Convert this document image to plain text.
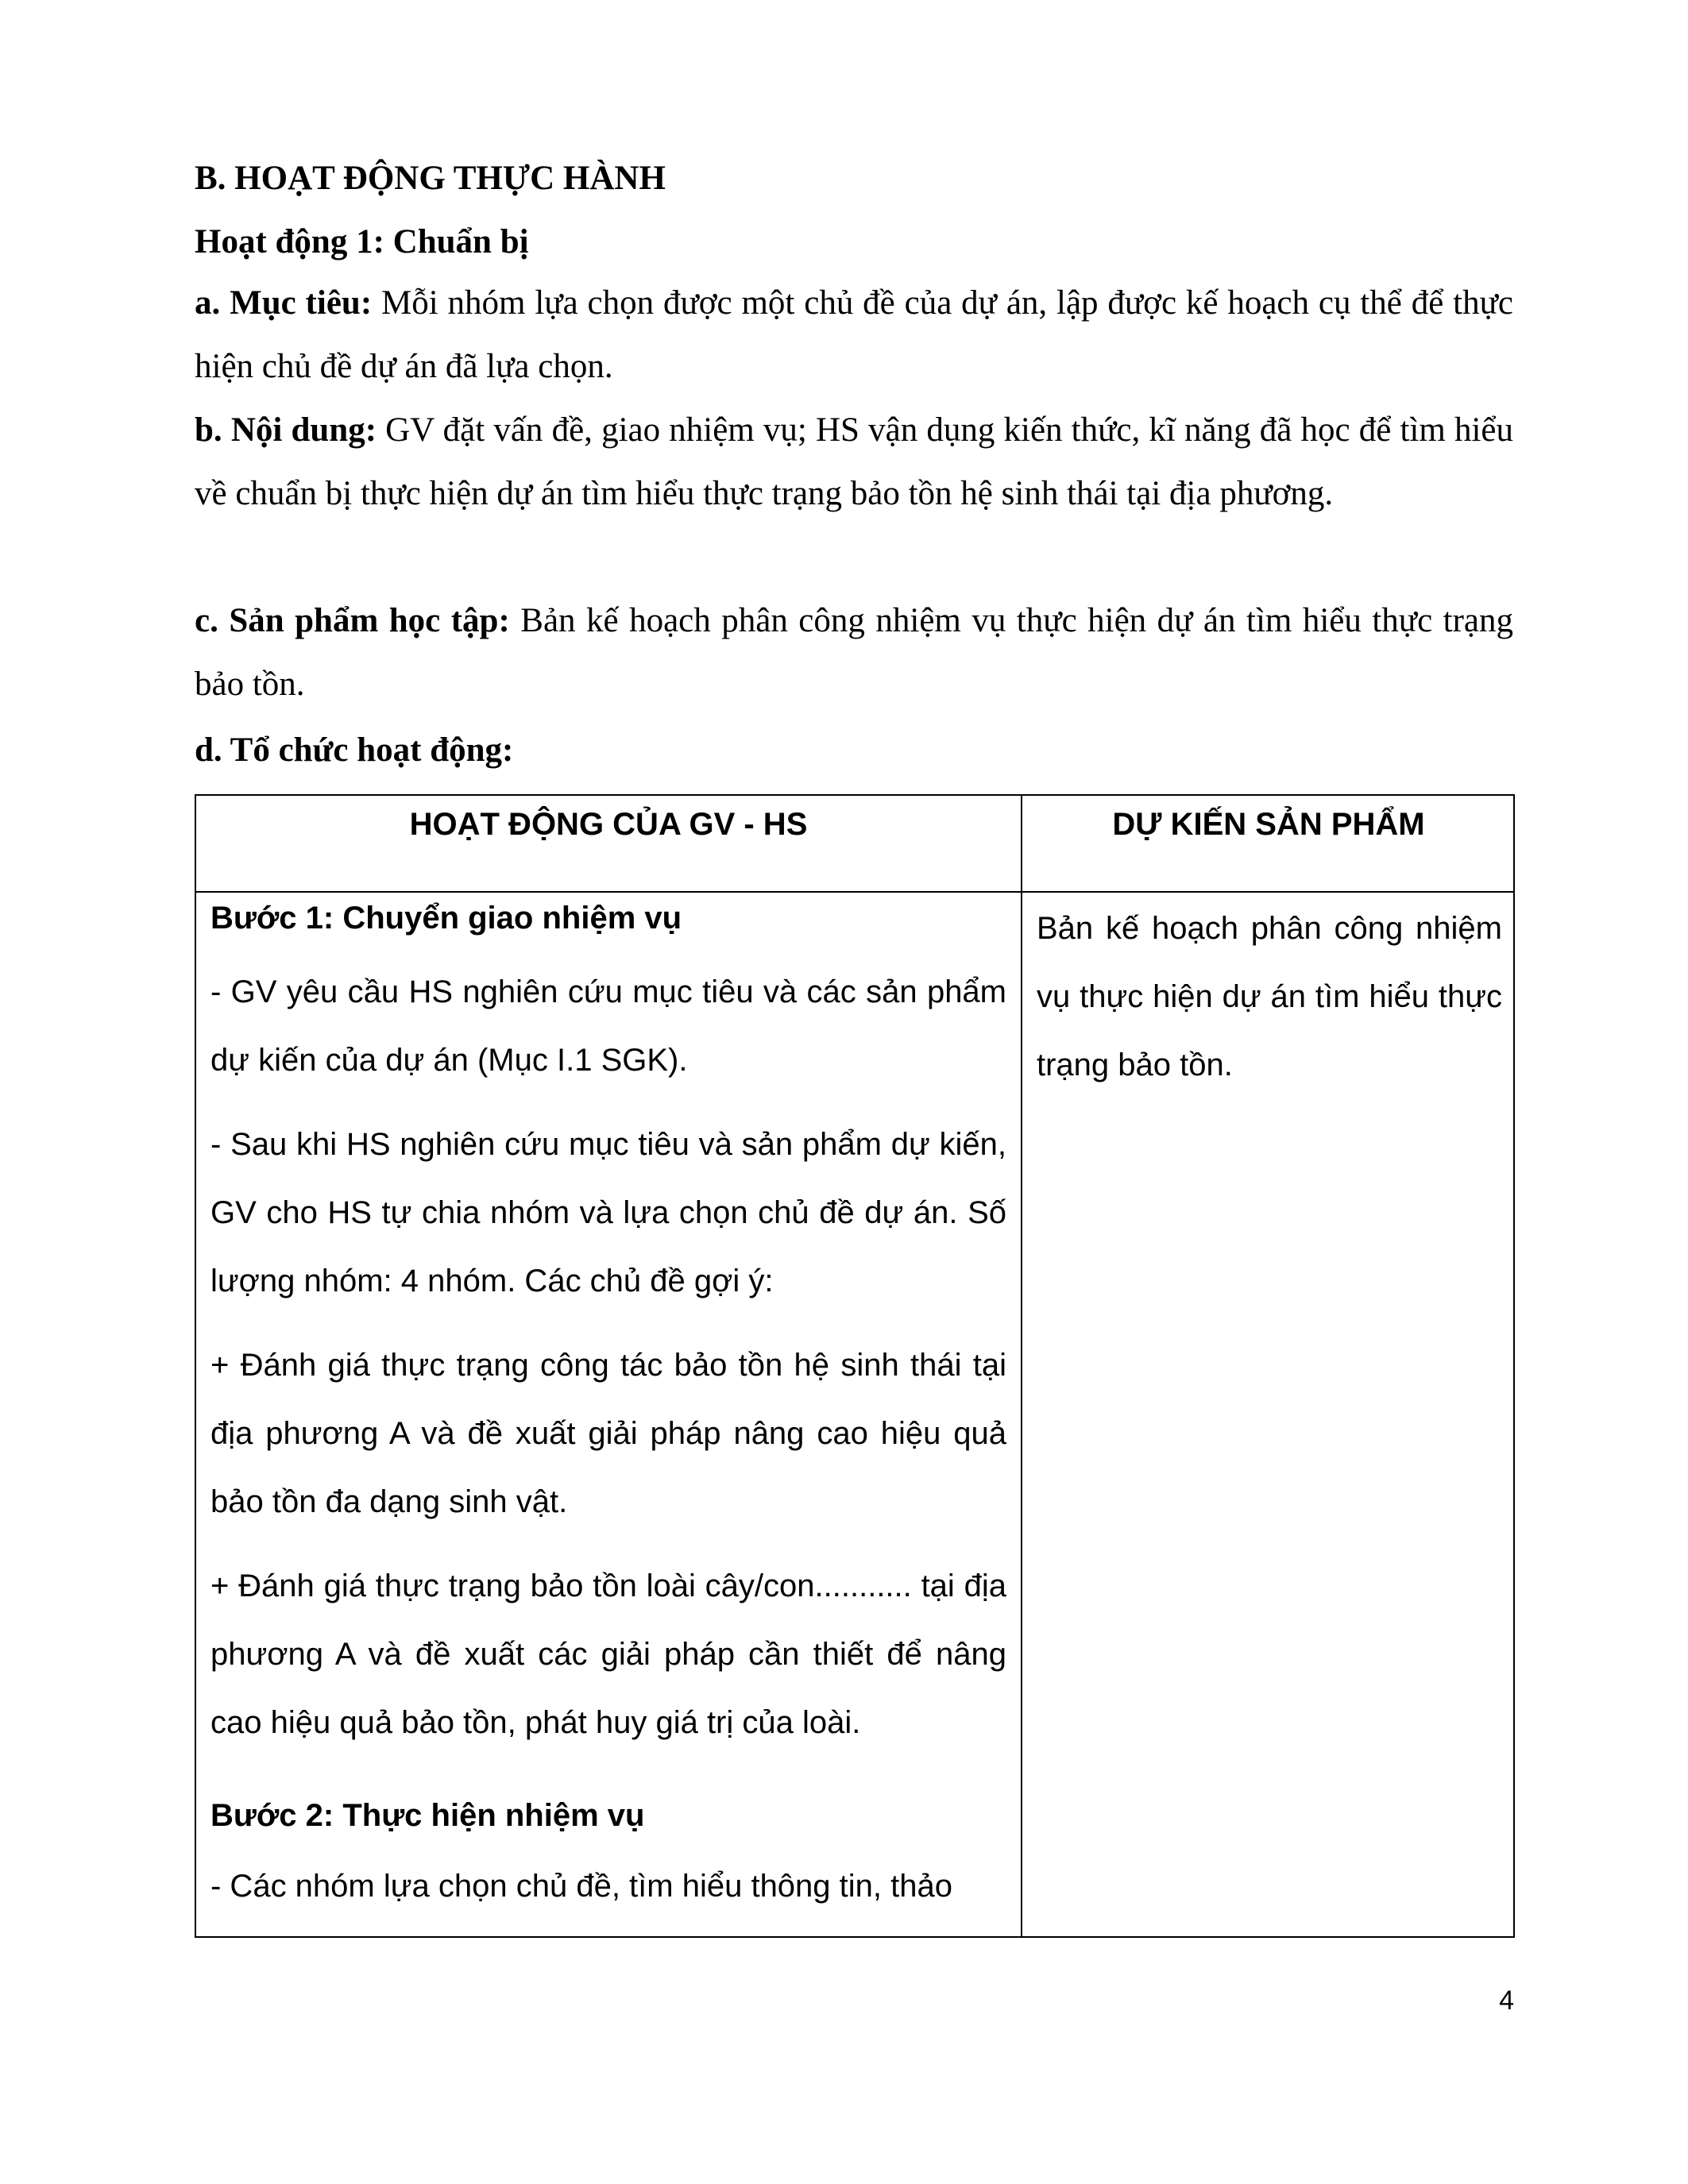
B. HOẠT ĐỘNG THỰC HÀNH
Hoạt động 1: Chuẩn bị
a. Mục tiêu: Mỗi nhóm lựa chọn được một chủ đề của dự án, lập được kế hoạch cụ thể để thực hiện chủ đề dự án đã lựa chọn.
b. Nội dung: GV đặt vấn đề, giao nhiệm vụ; HS vận dụng kiến thức, kĩ năng đã học để tìm hiểu về chuẩn bị thực hiện dự án tìm hiểu thực trạng bảo tồn hệ sinh thái tại địa phương.
c. Sản phẩm học tập: Bản kế hoạch phân công nhiệm vụ thực hiện dự án tìm hiểu thực trạng bảo tồn.
d. Tổ chức hoạt động:
HOẠT ĐỘNG CỦA GV - HS	DỰ KIẾN SẢN PHẨM
Bước 1: Chuyển giao nhiệm vụ
- GV yêu cầu HS nghiên cứu mục tiêu và các sản phẩm dự kiến của dự án (Mục I.1 SGK).
- Sau khi HS nghiên cứu mục tiêu và sản phẩm dự kiến, GV cho HS tự chia nhóm và lựa chọn chủ đề dự án. Số lượng nhóm: 4 nhóm. Các chủ đề gợi ý:
+ Đánh giá thực trạng công tác bảo tồn hệ sinh thái tại địa phương A và đề xuất giải pháp nâng cao hiệu quả bảo tồn đa dạng sinh vật.
+ Đánh giá thực trạng bảo tồn loài cây/con........... tại địa phương A và đề xuất các giải pháp cần thiết để nâng cao hiệu quả bảo tồn, phát huy giá trị của loài.
Bước 2: Thực hiện nhiệm vụ
- Các nhóm lựa chọn chủ đề, tìm hiểu thông tin, thảo
Bản kế hoạch phân công nhiệm vụ thực hiện dự án tìm hiểu thực trạng bảo tồn.
4
